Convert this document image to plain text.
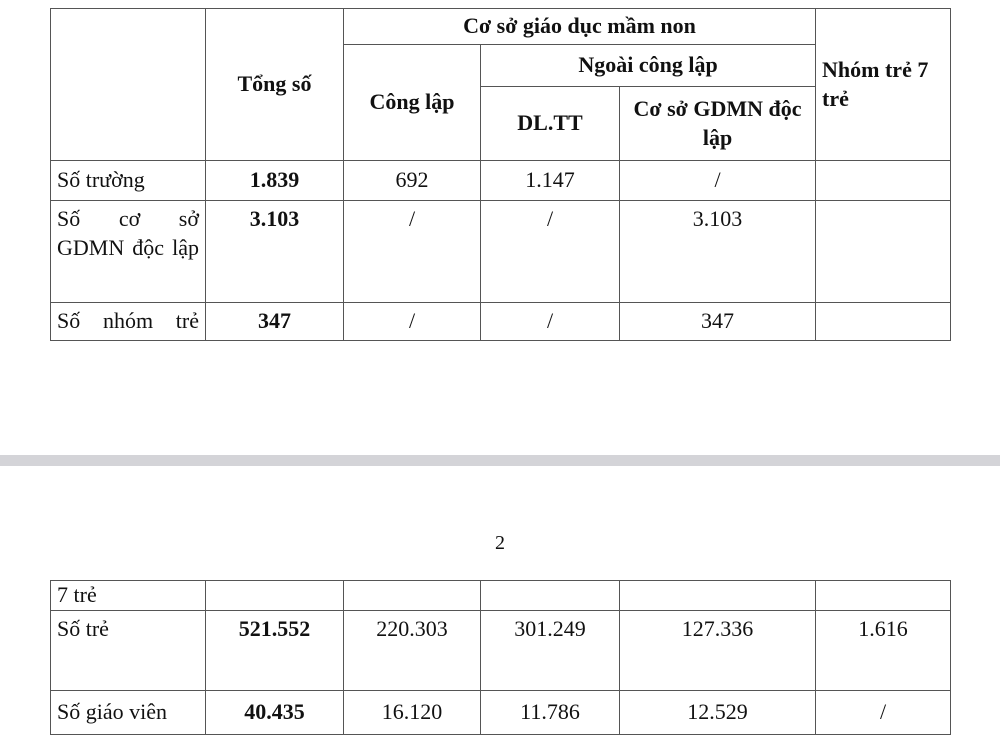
	Tổng số	Cơ sở giáo dục mầm non			Nhóm trẻ 7 trẻ
		Công lập	Ngoài công lập		
			DL.TT	Cơ sở GDMN độc lập	
Số trường	1.839	692	1.147	/	
Số cơ sở GDMN độc lập	3.103	/	/	3.103	
Số nhóm trẻ	347	/	/	347	
2
7 trẻ					
Số trẻ	521.552	220.303	301.249	127.336	1.616
Số giáo viên	40.435	16.120	11.786	12.529	/
